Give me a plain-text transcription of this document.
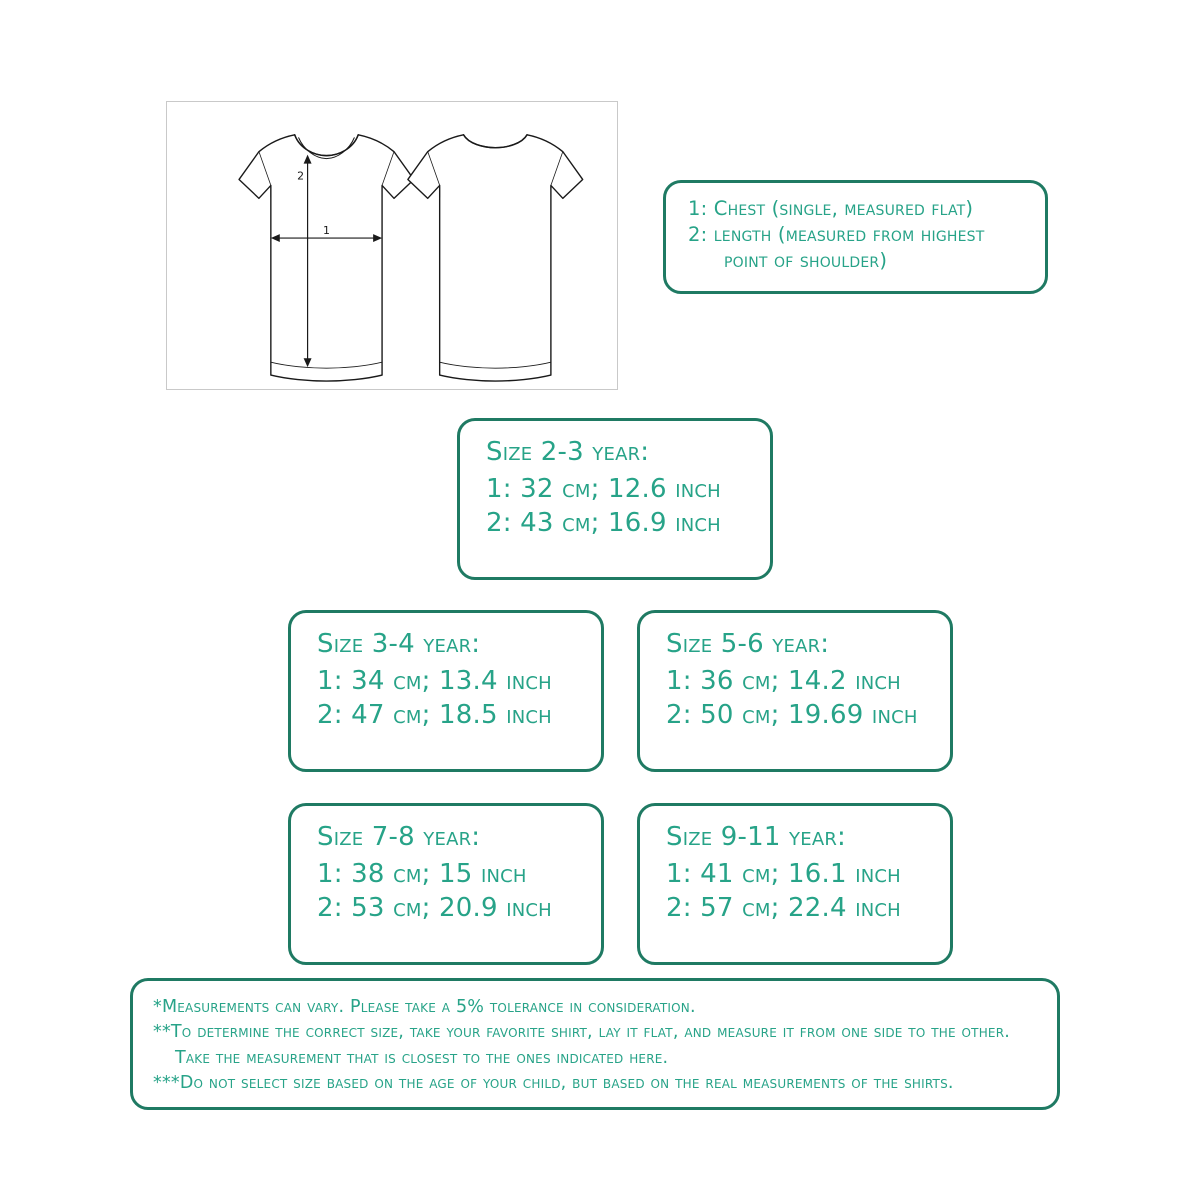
1
2
1: Chest (single, measured flat)
2: length (measured from highest
point of shoulder)
Size 2-3 year:
1: 32 cm; 12.6 inch
2: 43 cm; 16.9 inch
Size 3-4 year:
1: 34 cm; 13.4 inch
2: 47 cm; 18.5 inch
Size 5-6 year:
1: 36 cm; 14.2 inch
2: 50 cm; 19.69 inch
Size 7-8 year:
1: 38 cm; 15 inch
2: 53 cm; 20.9 inch
Size 9-11 year:
1: 41 cm; 16.1 inch
2: 57 cm; 22.4 inch
*Measurements can vary. Please take a 5% tolerance in consideration.
**To determine the correct size, take your favorite shirt, lay it flat, and measure it from one side to the other.
Take the measurement that is closest to the ones indicated here.
***Do not select size based on the age of your child, but based on the real measurements of the shirts.
